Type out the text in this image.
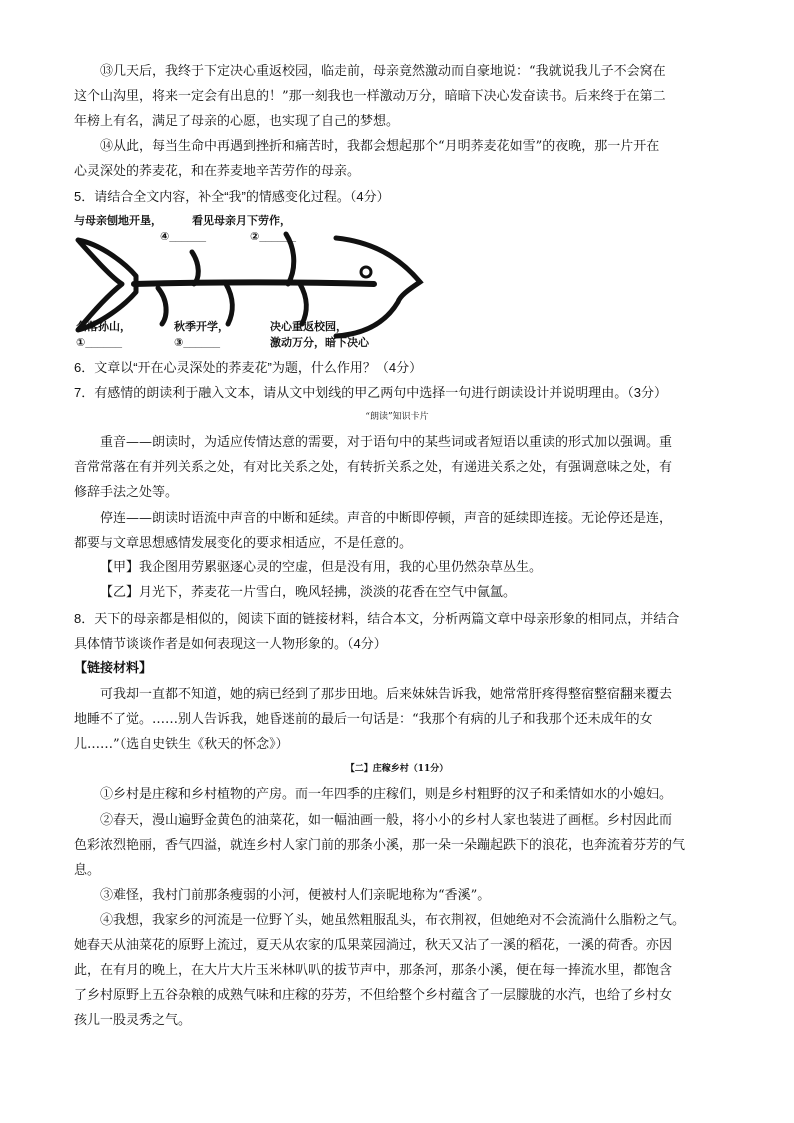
⑬几天后，我终于下定决心重返校园，临走前，母亲竟然激动而自豪地说：“我就说我儿子不会窝在
这个山沟里，将来一定会有出息的！”那一刻我也一样激动万分，暗暗下决心发奋读书。后来终于在第二
年榜上有名，满足了母亲的心愿，也实现了自己的梦想。
⑭从此，每当生命中再遇到挫折和痛苦时，我都会想起那个“月明荞麦花如雪”的夜晚，那一片开在
心灵深处的荞麦花，和在荞麦地辛苦劳作的母亲。
5．请结合全文内容，补全“我”的情感变化过程。（4分）
与母亲刨地开垦，
④______
看见母亲月下劳作，
②______
名落孙山，
①______
秋季开学，
③______
决心重返校园，
激动万分，暗下决心
6．文章以“开在心灵深处的荞麦花”为题，什么作用？（4分）
7．有感情的朗读利于融入文本，请从文中划线的甲乙两句中选择一句进行朗读设计并说明理由。（3分）
“朗读”知识卡片
重音——朗读时，为适应传情达意的需要，对于语句中的某些词或者短语以重读的形式加以强调。重
音常常落在有并列关系之处，有对比关系之处，有转折关系之处，有递进关系之处，有强调意味之处，有
修辞手法之处等。
停连——朗读时语流中声音的中断和延续。声音的中断即停顿，声音的延续即连接。无论停还是连，
都要与文章思想感情发展变化的要求相适应，不是任意的。
【甲】我企图用劳累驱逐心灵的空虚，但是没有用，我的心里仍然杂草丛生。
【乙】月光下，荞麦花一片雪白，晚风轻拂，淡淡的花香在空气中氤氲。
8．天下的母亲都是相似的，阅读下面的链接材料，结合本文，分析两篇文章中母亲形象的相同点，并结合
具体情节谈谈作者是如何表现这一人物形象的。（4分）
【链接材料】
可我却一直都不知道，她的病已经到了那步田地。后来妹妹告诉我，她常常肝疼得整宿整宿翻来覆去
地睡不了觉。……别人告诉我，她昏迷前的最后一句话是：“我那个有病的儿子和我那个还未成年的女
儿……”（选自史铁生《秋天的怀念》）
【二】庄稼乡村（11分）
①乡村是庄稼和乡村植物的产房。而一年四季的庄稼们，则是乡村粗野的汉子和柔情如水的小媳妇。
②春天，漫山遍野金黄色的油菜花，如一幅油画一般，将小小的乡村人家也装进了画框。乡村因此而
色彩浓烈艳丽，香气四溢，就连乡村人家门前的那条小溪，那一朵一朵蹦起跌下的浪花，也奔流着芬芳的气
息。
③难怪，我村门前那条瘦弱的小河，便被村人们亲昵地称为“香溪”。
④我想，我家乡的河流是一位野丫头，她虽然粗服乱头，布衣荆衩，但她绝对不会流淌什么脂粉之气。
她春天从油菜花的原野上流过，夏天从农家的瓜果菜园淌过，秋天又沾了一溪的稻花，一溪的荷香。亦因
此，在有月的晚上，在大片大片玉米林叭叭的拔节声中，那条河，那条小溪，便在每一捧流水里，都饱含
了乡村原野上五谷杂粮的成熟气味和庄稼的芬芳，不但给整个乡村蕴含了一层朦胧的水汽，也给了乡村女
孩儿一股灵秀之气。
